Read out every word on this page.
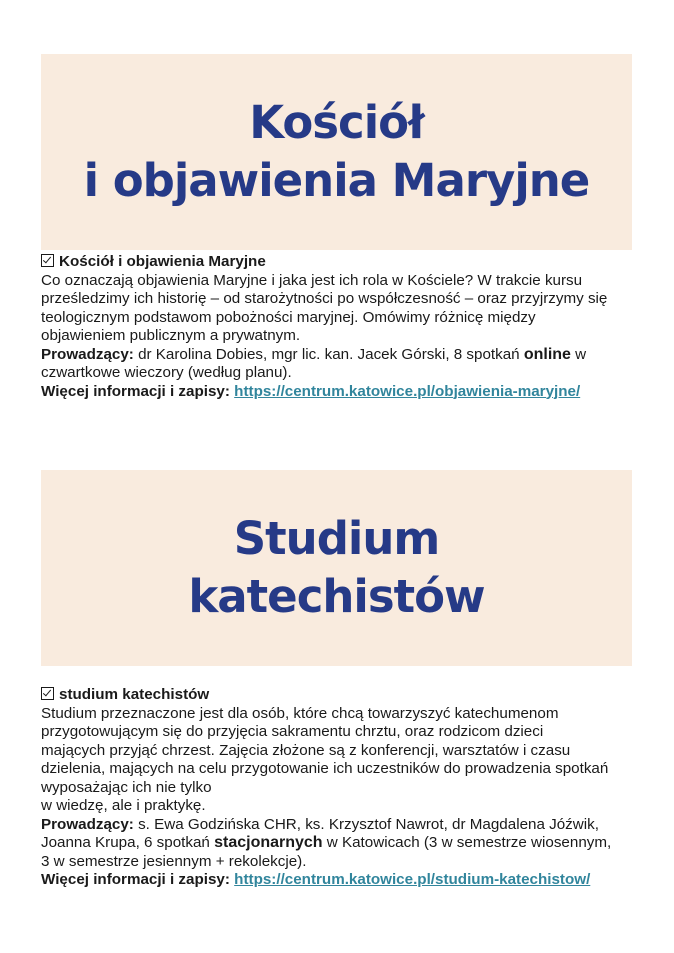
Kościół
i objawienia Maryjne

Kościół i objawienia Maryjne

Co oznaczają objawienia Maryjne i jaka jest ich rola w Kościele? W trakcie kursu

prześledzimy ich historię – od starożytności po współczesność – oraz przyjrzymy się

teologicznym podstawom pobożności maryjnej. Omówimy różnicę między

objawieniem publicznym a prywatnym.

Prowadzący: dr Karolina Dobies, mgr lic. kan. Jacek Górski, 8 spotkań online w

czwartkowe wieczory (według planu).

Więcej informacji i zapisy: https://centrum.katowice.pl/objawienia-maryjne/

Studium
katechistów

studium katechistów

Studium przeznaczone jest dla osób, które chcą towarzyszyć katechumenom

przygotowującym się do przyjęcia sakramentu chrztu, oraz rodzicom dzieci

mających przyjąć chrzest. Zajęcia złożone są z konferencji, warsztatów i czasu

dzielenia, mających na celu przygotowanie ich uczestników do prowadzenia spotkań

wyposażając ich nie tylko

w wiedzę, ale i praktykę.

Prowadzący: s. Ewa Godzińska CHR, ks. Krzysztof Nawrot, dr Magdalena Jóźwik,

Joanna Krupa, 6 spotkań stacjonarnych w Katowicach (3 w semestrze wiosennym,

3 w semestrze jesiennym + rekolekcje).

Więcej informacji i zapisy: https://centrum.katowice.pl/studium-katechistow/
